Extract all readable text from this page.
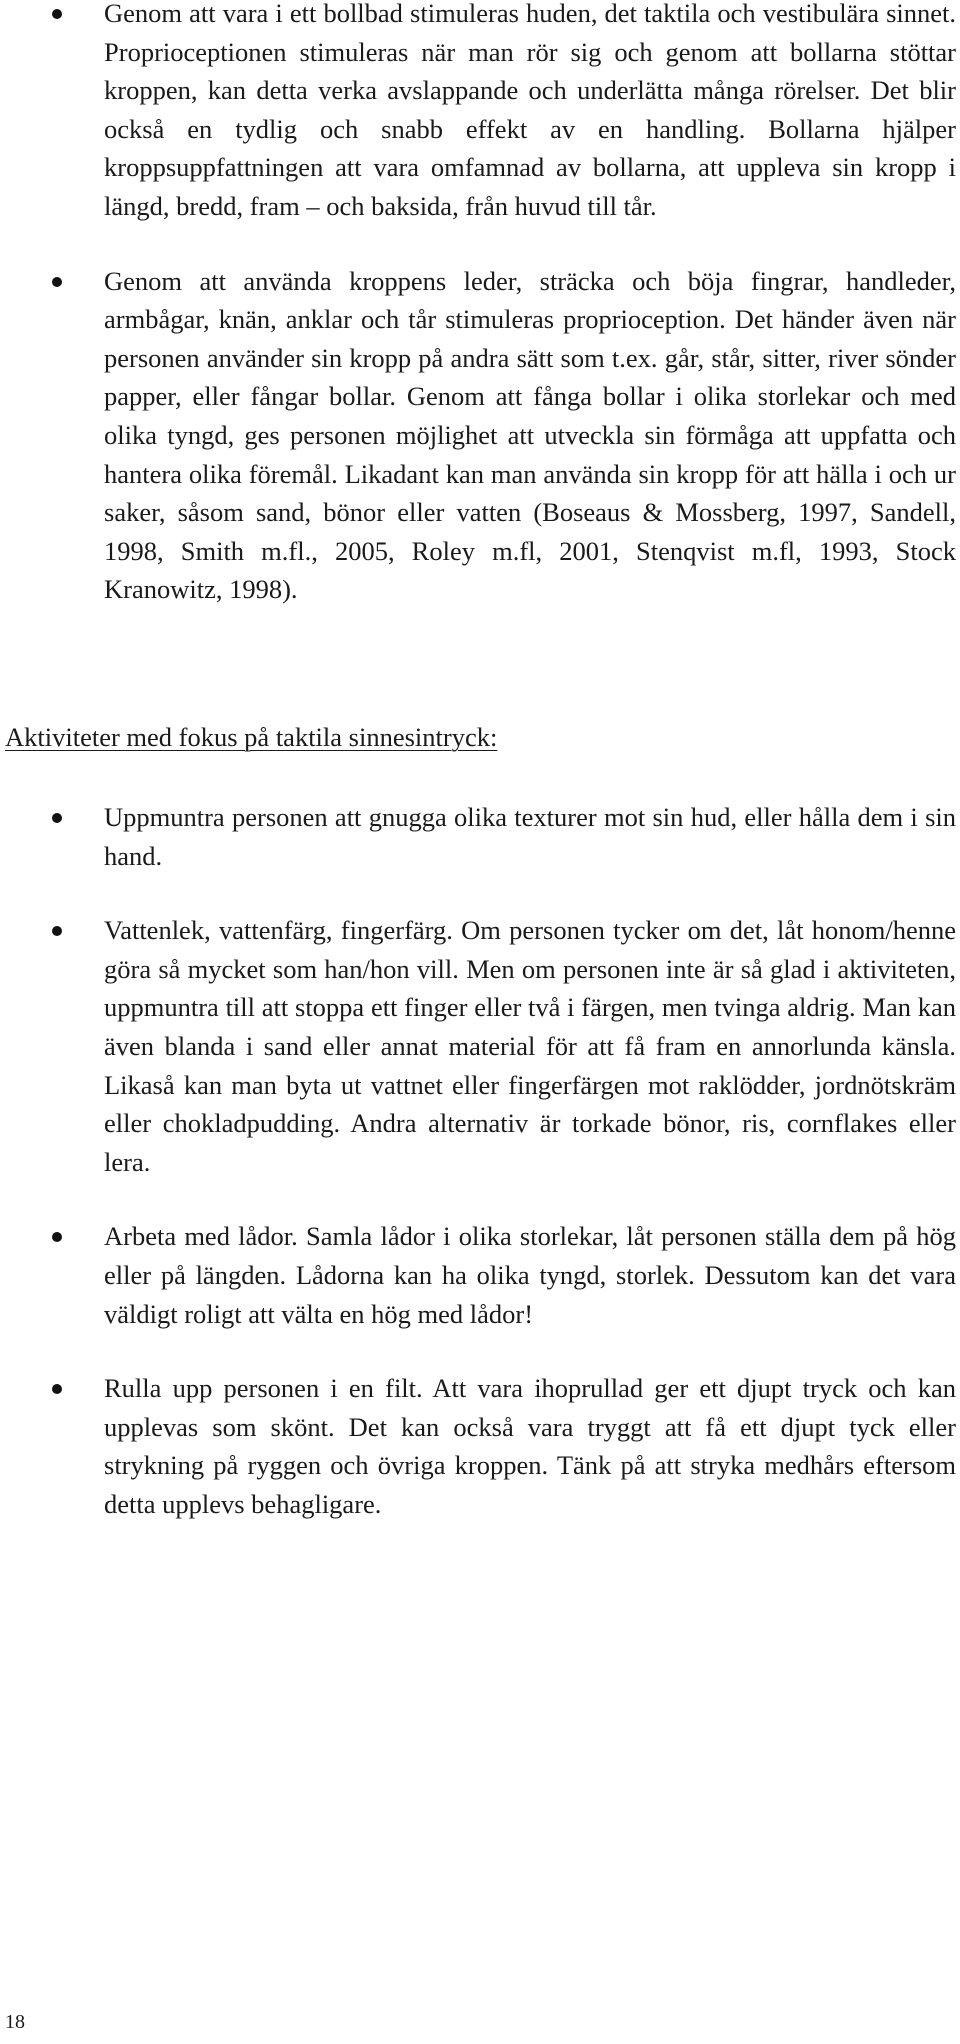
Genom att vara i ett bollbad stimuleras huden, det taktila och vestibulära sinnet. Proprioceptionen stimuleras när man rör sig och genom att bollarna stöttar kroppen, kan detta verka avslappande och underlätta många rörelser. Det blir också en tydlig och snabb effekt av en handling. Bollarna hjälper kroppsuppfattningen att vara omfamnad av bollarna, att uppleva sin kropp i längd, bredd, fram – och baksida, från huvud till tår.
Genom att använda kroppens leder, sträcka och böja fingrar, handleder, armbågar, knän, anklar och tår stimuleras proprioception. Det händer även när personen använder sin kropp på andra sätt som t.ex. går, står, sitter, river sönder papper, eller fångar bollar. Genom att fånga bollar i olika storlekar och med olika tyngd, ges personen möjlighet att utveckla sin förmåga att uppfatta och hantera olika föremål. Likadant kan man använda sin kropp för att hälla i och ur saker, såsom sand, bönor eller vatten (Boseaus & Mossberg, 1997, Sandell, 1998, Smith m.fl., 2005, Roley m.fl, 2001, Stenqvist m.fl, 1993, Stock Kranowitz, 1998).
Aktiviteter med fokus på taktila sinnesintryck:
Uppmuntra personen att gnugga olika texturer mot sin hud, eller hålla dem i sin hand.
Vattenlek, vattenfärg, fingerfärg. Om personen tycker om det, låt honom/henne göra så mycket som han/hon vill. Men om personen inte är så glad i aktiviteten, uppmuntra till att stoppa ett finger eller två i färgen, men tvinga aldrig. Man kan även blanda i sand eller annat material för att få fram en annorlunda känsla. Likaså kan man byta ut vattnet eller fingerfärgen mot raklödder, jordnötskräm eller chokladpudding. Andra alternativ är torkade bönor, ris, cornflakes eller lera.
Arbeta med lådor. Samla lådor i olika storlekar, låt personen ställa dem på hög eller på längden. Lådorna kan ha olika tyngd, storlek. Dessutom kan det vara väldigt roligt att välta en hög med lådor!
Rulla upp personen i en filt. Att vara ihoprullad ger ett djupt tryck och kan upplevas som skönt. Det kan också vara tryggt att få ett djupt tyck eller strykning på ryggen och övriga kroppen. Tänk på att stryka medhårs eftersom detta upplevs behagligare.
18
